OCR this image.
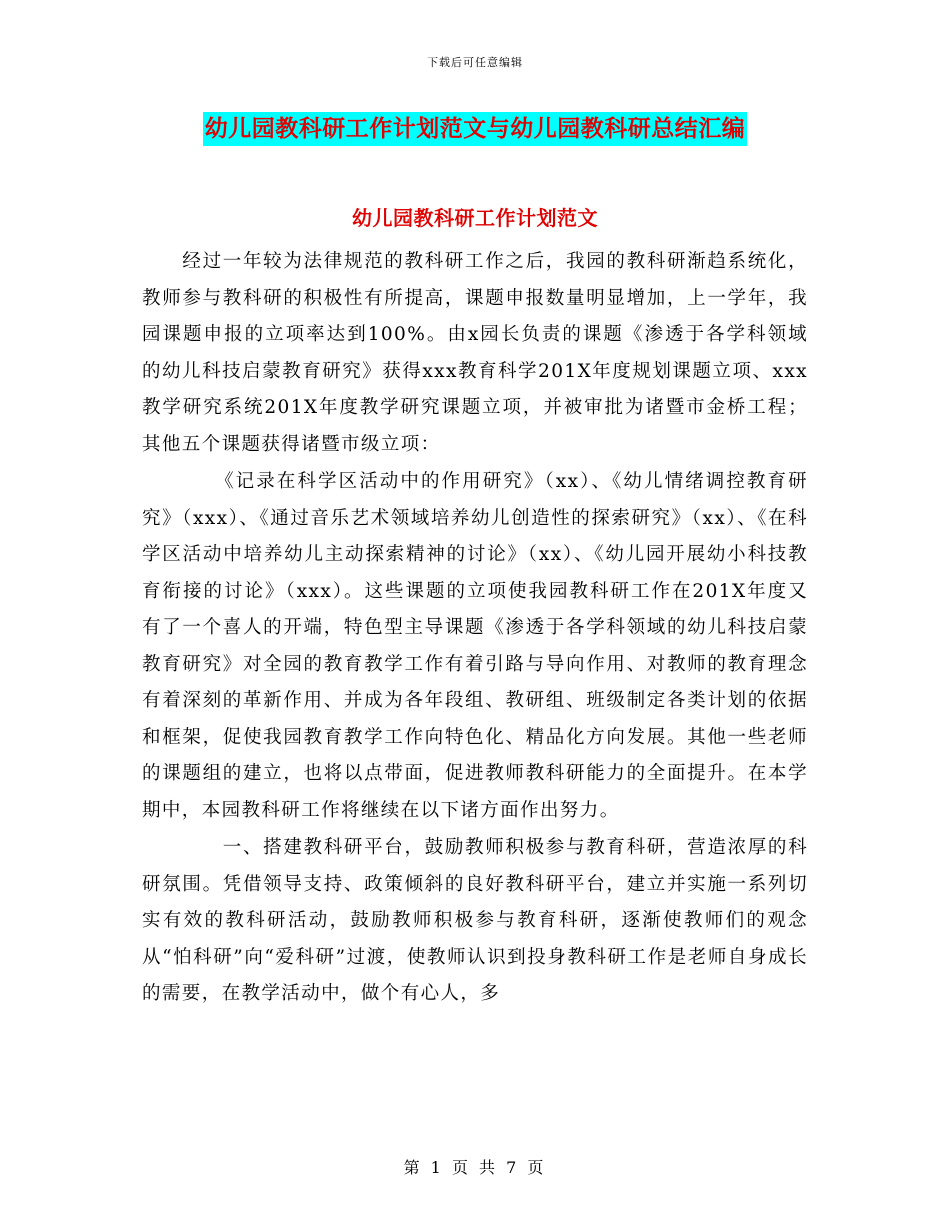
下载后可任意编辑
幼儿园教科研工作计划范文与幼儿园教科研总结汇编
幼儿园教科研工作计划范文

　　经过一年较为法律规范的教科研工作之后，我园的教科研渐趋系统化，教师参与教科研的积极性有所提高，课题申报数量明显增加，上一学年，我园课题申报的立项率达到100%。由x园长负责的课题《渗透于各学科领域的幼儿科技启蒙教育研究》获得xxx教育科学201X年度规划课题立项、xxx教学研究系统201X年度教学研究课题立项，并被审批为诸暨市金桥工程；其他五个课题获得诸暨市级立项：

　　　　《记录在科学区活动中的作用研究》（xx）、《幼儿情绪调控教育研究》（xxx）、《通过音乐艺术领域培养幼儿创造性的探索研究》（xx）、《在科学区活动中培养幼儿主动探索精神的讨论》（xx）、《幼儿园开展幼小科技教育衔接的讨论》（xxx）。这些课题的立项使我园教科研工作在201X年度又有了一个喜人的开端，特色型主导课题《渗透于各学科领域的幼儿科技启蒙教育研究》对全园的教育教学工作有着引路与导向作用、对教师的教育理念有着深刻的革新作用、并成为各年段组、教研组、班级制定各类计划的依据和框架，促使我园教育教学工作向特色化、精品化方向发展。其他一些老师的课题组的建立，也将以点带面，促进教师教科研能力的全面提升。在本学期中，本园教科研工作将继续在以下诸方面作出努力。

　　　　一、搭建教科研平台，鼓励教师积极参与教育科研，营造浓厚的科研氛围。凭借领导支持、政策倾斜的良好教科研平台，建立并实施一系列切实有效的教科研活动，鼓励教师积极参与教育科研，逐渐使教师们的观念从“怕科研”向“爱科研”过渡，使教师认识到投身教科研工作是老师自身成长的需要，在教学活动中，做个有心人，多

第 1 页 共 7 页
